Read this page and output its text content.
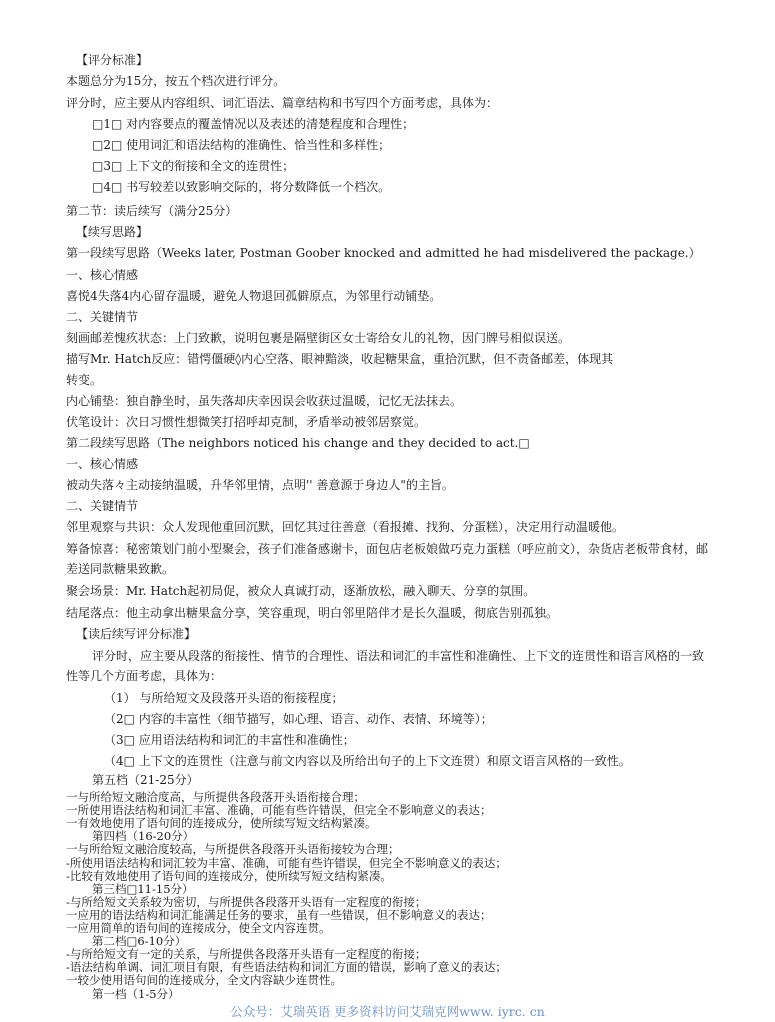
【评分标准】
本题总分为15分，按五个档次进行评分。
评分时，应主要从内容组织、词汇语法、篇章结构和书写四个方面考虑，具体为：
□1□ 对内容要点的覆盖情况以及表述的清楚程度和合理性；
□2□ 使用词汇和语法结构的准确性、恰当性和多样性；
□3□ 上下文的衔接和全文的连贯性；
□4□ 书写较差以致影响交际的，将分数降低一个档次。
第二节：读后续写（满分25分）
【续写思路】
第一段续写思路（Weeks later, Postman Goober knocked and admitted he had misdelivered the package.）
一、核心情感
喜悦4失落4内心留存温暖，避免人物退回孤僻原点，为邻里行动铺垫。
二、关键情节
刻画邮差愧疚状态：上门致歉，说明包裹是隔壁街区女士寄给女儿的礼物，因门牌号相似误送。
描写Mr. Hatch反应：错愕僵硬◊内心空落、眼神黯淡，收起糖果盒，重拾沉默，但不责备邮差，体现其
转变。
内心铺垫：独自静坐时，虽失落却庆幸因误会收获过温暖，记忆无法抹去。
伏笔设计：次日习惯性想微笑打招呼却克制，矛盾举动被邻居察觉。
第二段续写思路（The neighbors noticed his change and they decided to act.□
一、核心情感
被动失落々主动接纳温暖，升华邻里情，点明'' 善意源于身边人"的主旨。
二、关键情节
邻里观察与共识：众人发现他重回沉默，回忆其过往善意（看报摊、找狗、分蛋糕），决定用行动温暖他。
筹备惊喜：秘密策划门前小型聚会，孩子们准备感谢卡，面包店老板娘做巧克力蛋糕（呼应前文），杂货店老板带食材，邮差送同款糖果致歉。
聚会场景：Mr. Hatch起初局促，被众人真诚打动，逐渐放松，融入聊天、分享的氛围。
结尾落点：他主动拿出糖果盒分享，笑容重现，明白邻里陪伴才是长久温暖，彻底告别孤独。
【读后续写评分标准】
评分时，应主要从段落的衔接性、情节的合理性、语法和词汇的丰富性和准确性、上下文的连贯性和语言风格的一致性等几个方面考虑，具体为：
（1） 与所给短文及段落开头语的衔接程度；
（2□ 内容的丰富性（细节描写，如心理、语言、动作、表情、环境等）；
（3□ 应用语法结构和词汇的丰富性和准确性；
（4□ 上下文的连贯性（注意与前文内容以及所给出句子的上下文连贯）和原文语言风格的一致性。
第五档（21-25分）
一与所给短文融洽度高，与所提供各段落开头语衔接合理；
一所使用语法结构和词汇丰富、准确，可能有些许错误，但完全不影响意义的表达；
一有效地使用了语句间的连接成分，使所续写短文结构紧凑。
第四档（16-20分）
一与所给短文融洽度较高，与所提供各段落开头语衔接较为合理；
-所使用语法结构和词汇较为丰富、准确，可能有些许错误，但完全不影响意义的表达；
-比较有效地使用了语句间的连接成分，使所续写短文结构紧凑。
第三档□11-15分）
-与所给短文关系较为密切，与所提供各段落开头语有一定程度的衔接；
一应用的语法结构和词汇能满足任务的要求，虽有一些错误，但不影响意义的表达；
一应用简单的语句间的连接成分，使全文内容连贯。
第二档□6-10分）
-与所给短文有一定的关系，与所提供各段落开头语有一定程度的衔接；
第一档（1-5分）
-语法结构单调、词汇项目有限，有些语法结构和词汇方面的错误，影响了意义的表达；
一较少使用语句间的连接成分，全文内容缺少连贯性。
公众号：艾瑞英语 更多资料访问艾瑞克网www. iyrc. cn
